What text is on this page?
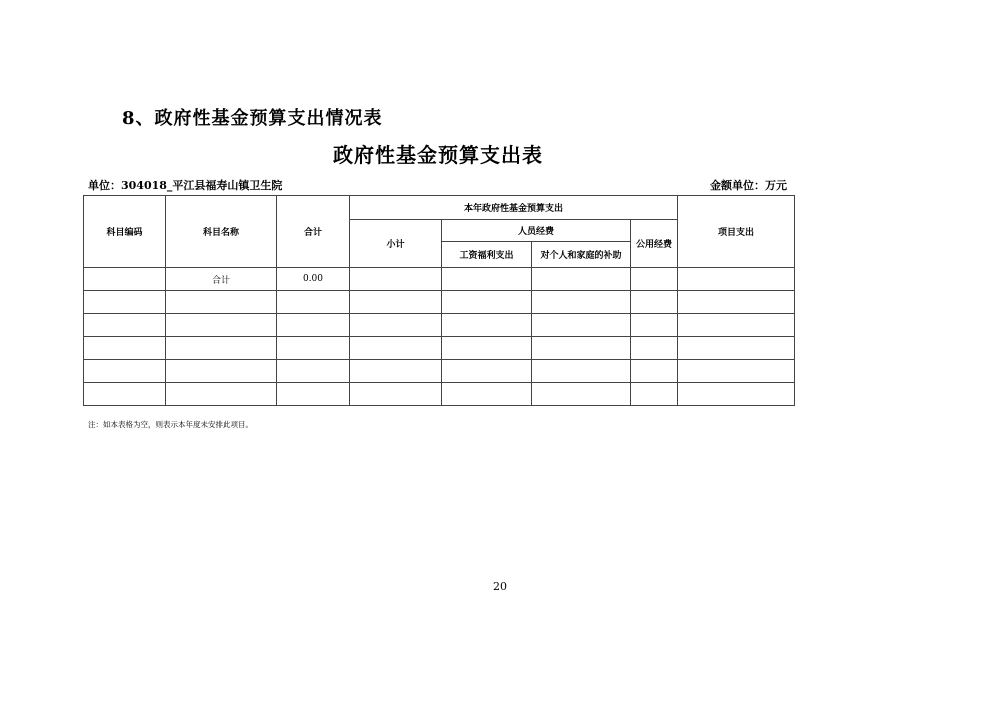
8、政府性基金预算支出情况表
政府性基金预算支出表
单位：304018_平江县福寿山镇卫生院	金额单位：万元
科目编码	科目名称	合计	本年政府性基金预算支出				项目支出
			小计	人员经费		公用经费	
				工资福利支出	对个人和家庭的补助		
	合计	0.00					

注：如本表格为空，则表示本年度未安排此项目。
20
